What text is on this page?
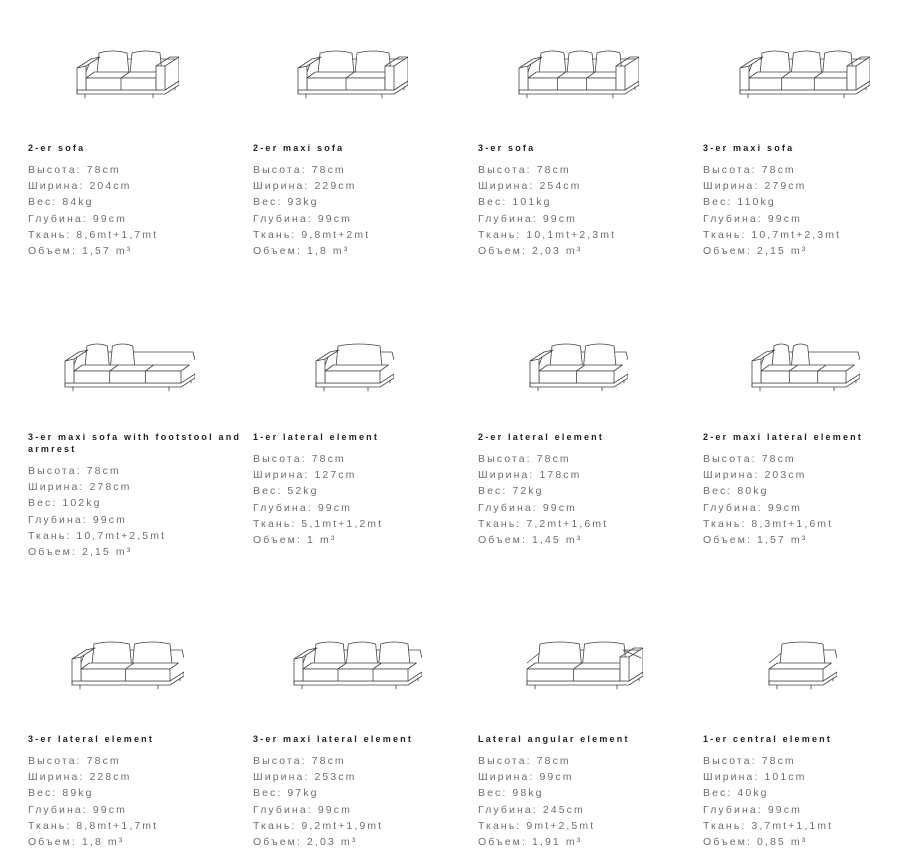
2-er sofa
Высота: 78cm
Ширина: 204cm
Вес: 84kg
Глубина: 99cm
Ткань: 8,6mt+1,7mt
Объем: 1,57 m³
2-er maxi sofa
Высота: 78cm
Ширина: 229cm
Вес: 93kg
Глубина: 99cm
Ткань: 9,8mt+2mt
Объем: 1,8 m³
3-er sofa
Высота: 78cm
Ширина: 254cm
Вес: 101kg
Глубина: 99cm
Ткань: 10,1mt+2,3mt
Объем: 2,03 m³
3-er maxi sofa
Высота: 78cm
Ширина: 279cm
Вес: 110kg
Глубина: 99cm
Ткань: 10,7mt+2,3mt
Объем: 2,15 m³
3-er maxi sofa with footstool and armrest
Высота: 78cm
Ширина: 278cm
Вес: 102kg
Глубина: 99cm
Ткань: 10,7mt+2,5mt
Объем: 2,15 m³
1-er lateral element
Высота: 78cm
Ширина: 127cm
Вес: 52kg
Глубина: 99cm
Ткань: 5,1mt+1,2mt
Объем: 1 m³
2-er lateral element
Высота: 78cm
Ширина: 178cm
Вес: 72kg
Глубина: 99cm
Ткань: 7,2mt+1,6mt
Объем: 1,45 m³
2-er maxi lateral element
Высота: 78cm
Ширина: 203cm
Вес: 80kg
Глубина: 99cm
Ткань: 8,3mt+1,6mt
Объем: 1,57 m³
3-er lateral element
Высота: 78cm
Ширина: 228cm
Вес: 89kg
Глубина: 99cm
Ткань: 8,8mt+1,7mt
Объем: 1,8 m³
3-er maxi lateral element
Высота: 78cm
Ширина: 253cm
Вес: 97kg
Глубина: 99cm
Ткань: 9,2mt+1,9mt
Объем: 2,03 m³
Lateral angular element
Высота: 78cm
Ширина: 99cm
Вес: 98kg
Глубина: 245cm
Ткань: 9mt+2,5mt
Объем: 1,91 m³
1-er central element
Высота: 78cm
Ширина: 101cm
Вес: 40kg
Глубина: 99cm
Ткань: 3,7mt+1,1mt
Объем: 0,85 m³
